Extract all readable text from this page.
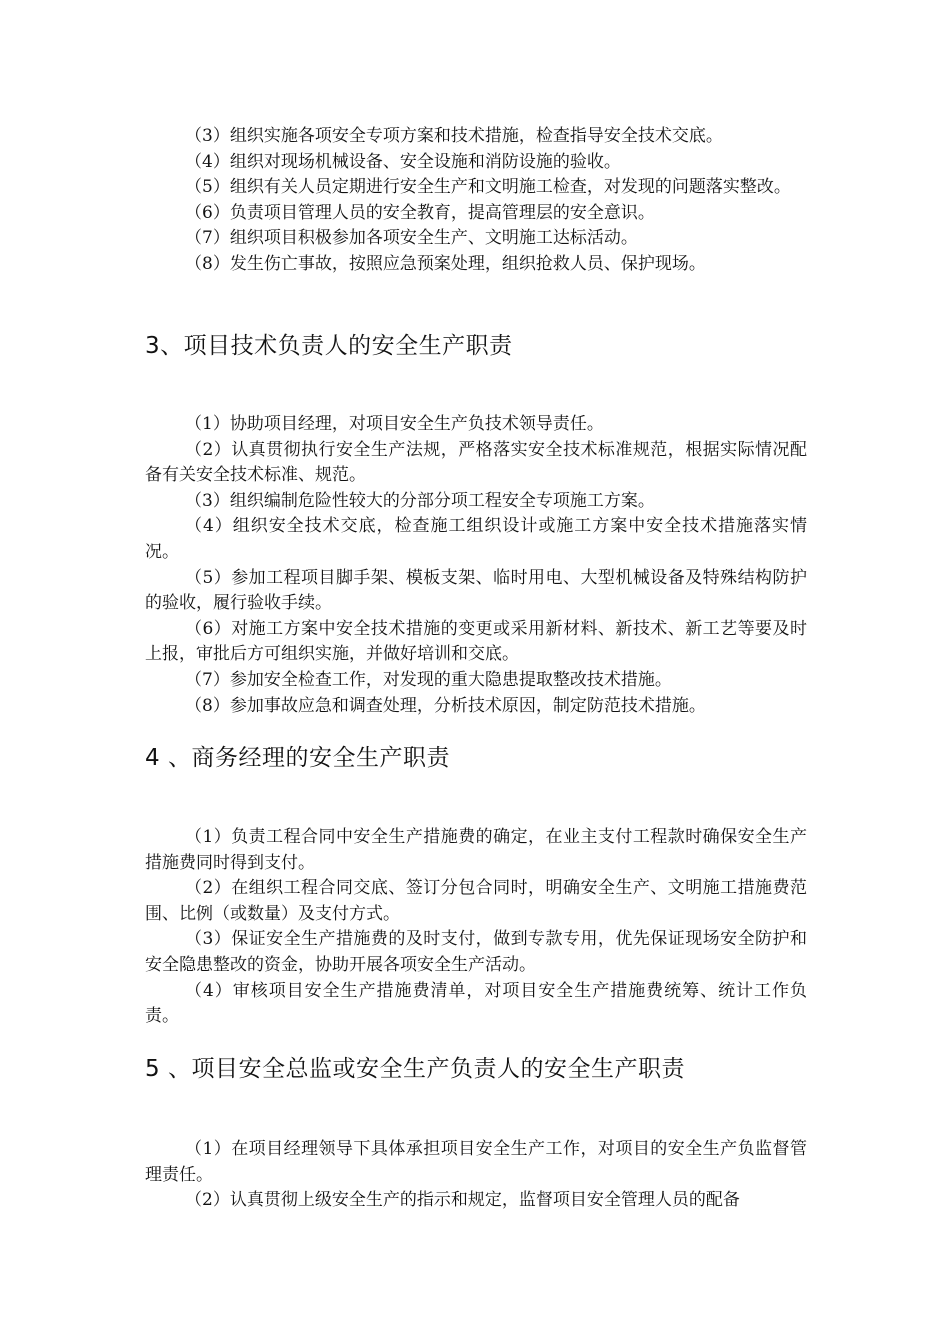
（3）组织实施各项安全专项方案和技术措施，检查指导安全技术交底。

（4）组织对现场机械设备、安全设施和消防设施的验收。

（5）组织有关人员定期进行安全生产和文明施工检查，对发现的问题落实整改。

（6）负责项目管理人员的安全教育，提高管理层的安全意识。

（7）组织项目积极参加各项安全生产、文明施工达标活动。

（8）发生伤亡事故，按照应急预案处理，组织抢救人员、保护现场。

3、项目技术负责人的安全生产职责

（1）协助项目经理，对项目安全生产负技术领导责任。

（2）认真贯彻执行安全生产法规，严格落实安全技术标准规范，根据实际情况配备有关安全技术标准、规范。

（3）组织编制危险性较大的分部分项工程安全专项施工方案。

（4）组织安全技术交底，检查施工组织设计或施工方案中安全技术措施落实情况。

（5）参加工程项目脚手架、模板支架、临时用电、大型机械设备及特殊结构防护的验收，履行验收手续。

（6）对施工方案中安全技术措施的变更或采用新材料、新技术、新工艺等要及时上报，审批后方可组织实施，并做好培训和交底。

（7）参加安全检查工作，对发现的重大隐患提取整改技术措施。

（8）参加事故应急和调查处理，分析技术原因，制定防范技术措施。

4 、商务经理的安全生产职责

（1）负责工程合同中安全生产措施费的确定，在业主支付工程款时确保安全生产措施费同时得到支付。

（2）在组织工程合同交底、签订分包合同时，明确安全生产、文明施工措施费范围、比例（或数量）及支付方式。

（3）保证安全生产措施费的及时支付，做到专款专用，优先保证现场安全防护和安全隐患整改的资金，协助开展各项安全生产活动。

（4）审核项目安全生产措施费清单，对项目安全生产措施费统筹、统计工作负责。

5 、项目安全总监或安全生产负责人的安全生产职责

（1）在项目经理领导下具体承担项目安全生产工作，对项目的安全生产负监督管理责任。

（2）认真贯彻上级安全生产的指示和规定，监督项目安全管理人员的配备
